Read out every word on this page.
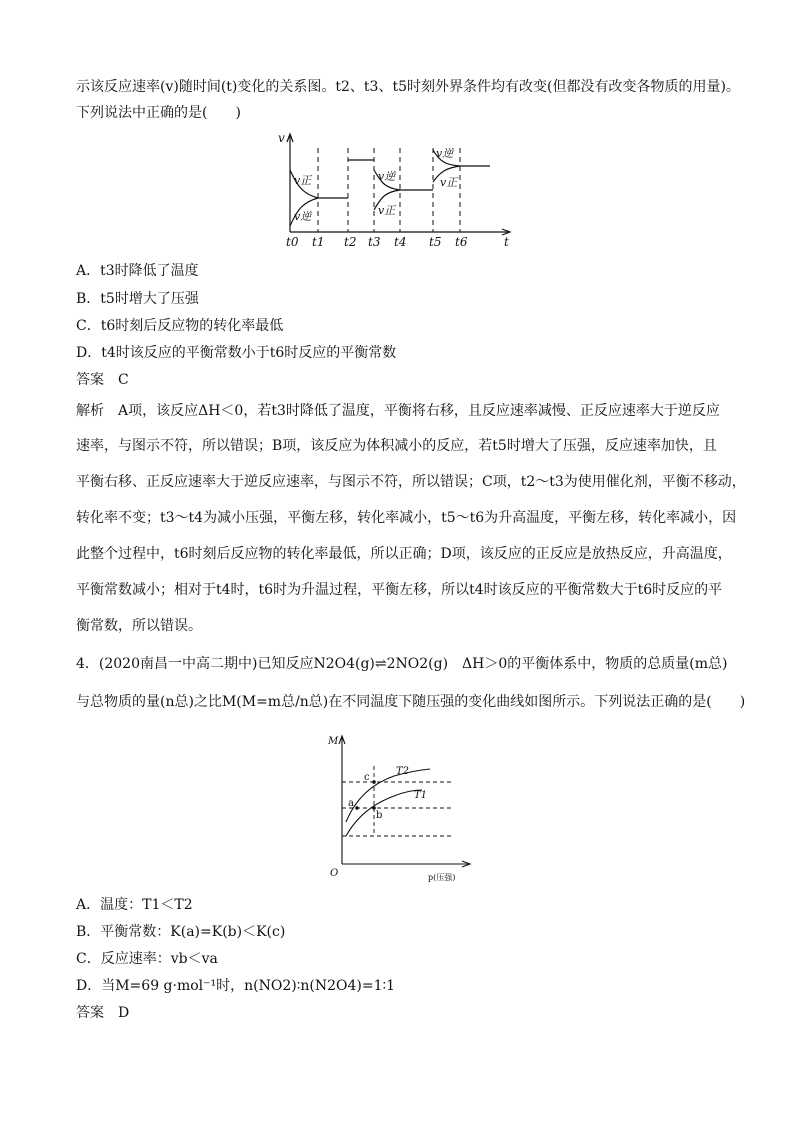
示该反应速率(v)随时间(t)变化的关系图。t2、t3、t5时刻外界条件均有改变(但都没有改变各物质的用量)。
下列说法中正确的是(　　)
v
t
t0 t1 t2 t3 t4 t5 t6
v正
v逆
v逆
v正
v逆
v正
A．t3时降低了温度
B．t5时增大了压强
C．t6时刻后反应物的转化率最低
D．t4时该反应的平衡常数小于t6时反应的平衡常数
答案　C
解析　A项，该反应ΔH＜0，若t3时降低了温度，平衡将右移，且反应速率减慢、正反应速率大于逆反应
速率，与图示不符，所以错误；B项，该反应为体积减小的反应，若t5时增大了压强，反应速率加快，且
平衡右移、正反应速率大于逆反应速率，与图示不符，所以错误；C项，t2～t3为使用催化剂，平衡不移动，
转化率不变；t3～t4为减小压强，平衡左移，转化率减小，t5～t6为升高温度，平衡左移，转化率减小，因
此整个过程中，t6时刻后反应物的转化率最低，所以正确；D项，该反应的正反应是放热反应，升高温度，
平衡常数减小；相对于t4时，t6时为升温过程，平衡左移，所以t4时该反应的平衡常数大于t6时反应的平
衡常数，所以错误。
4．(2020南昌一中高二期中)已知反应N2O4(g)⇌2NO2(g)　ΔH＞0的平衡体系中，物质的总质量(m总)
与总物质的量(n总)之比M(M=m总/n总)在不同温度下随压强的变化曲线如图所示。下列说法正确的是(　　)
M
O	p(压强)
T2
T1
a
b
c
A．温度：T1＜T2
B．平衡常数：K(a)=K(b)＜K(c)
C．反应速率：vb＜va
D．当M=69 g·mol⁻¹时，n(NO2)∶n(N2O4)=1∶1
答案　D
